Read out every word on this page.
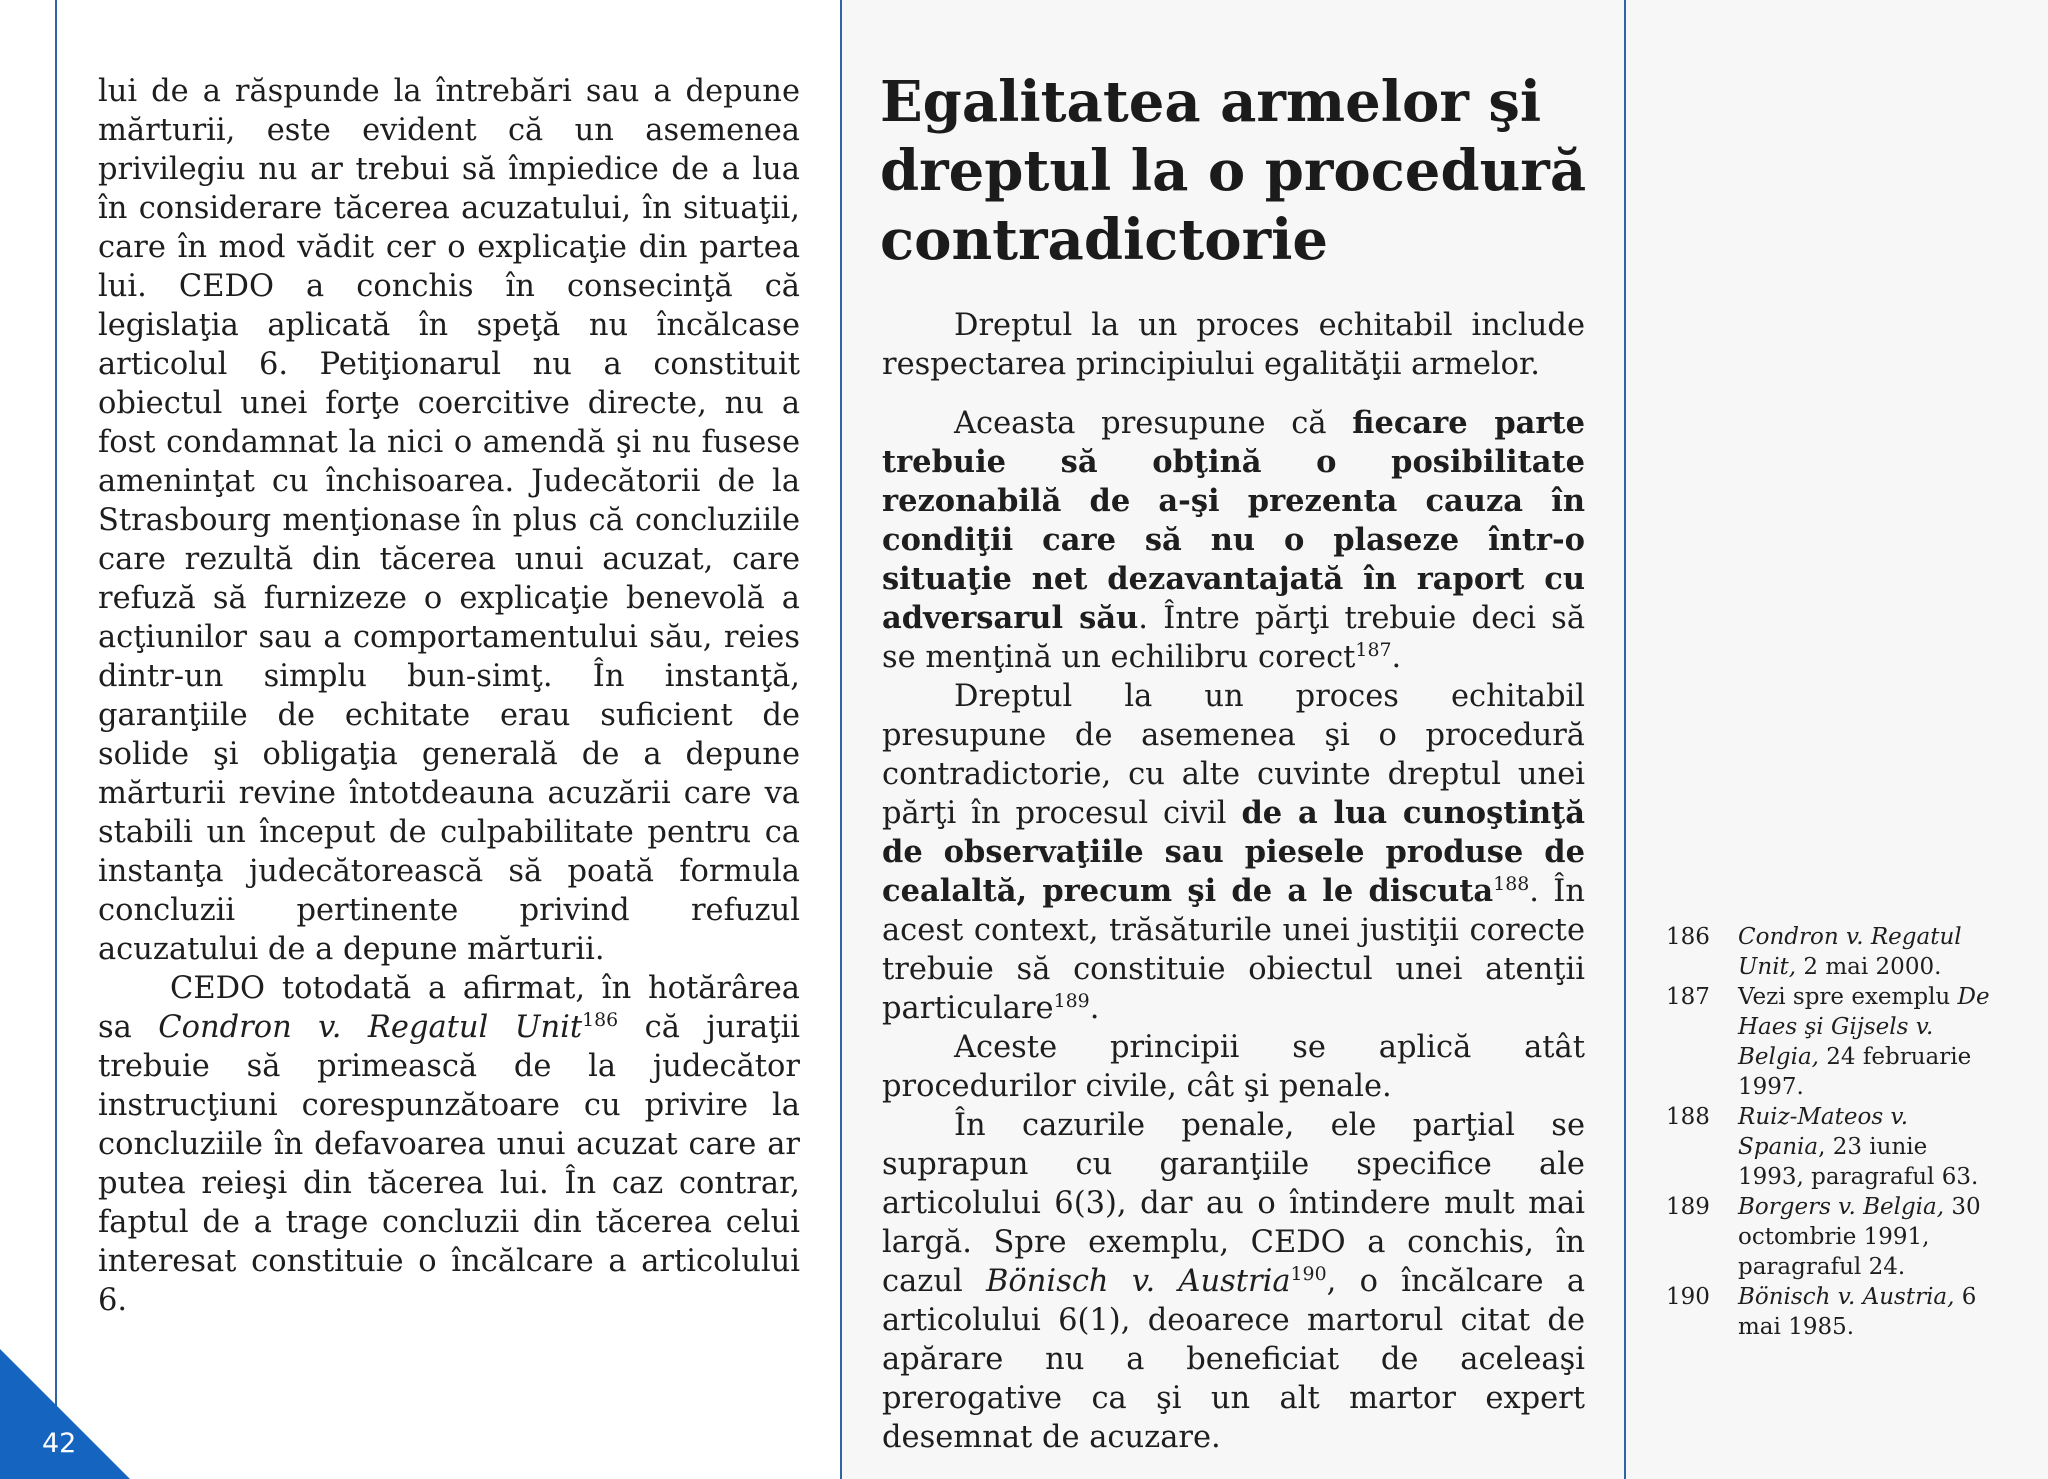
42

lui de a răspunde la întrebări sau a depune mărturii, este evident că un asemenea privilegiu nu ar trebui să împiedice de a lua în considerare tăcerea acuzatului, în situaţii, care în mod vădit cer o explicaţie din partea lui. CEDO a conchis în consecinţă că legislaţia aplicată în speţă nu încălcase articolul 6. Petiţionarul nu a constituit obiectul unei forţe coercitive directe, nu a fost condamnat la nici o amendă şi nu fusese ameninţat cu închisoarea. Judecătorii de la Strasbourg menţionase în plus că concluziile care rezultă din tăcerea unui acuzat, care refuză să furnizeze o explicaţie benevolă a acţiunilor sau a comportamentului său, reies dintr-un simplu bun-simţ. În instanţă, garanţiile de echitate erau suficient de solide şi obligaţia generală de a depune mărturii revine întotdeauna acuzării care va stabili un început de culpabilitate pentru ca instanţa judecătorească să poată formula concluzii pertinente privind refuzul acuzatului de a depune mărturii.

CEDO totodată a afirmat, în hotărârea sa Condron v. Regatul Unit$^{186}$ că juraţii trebuie să primească de la judecător instrucţiuni corespunzătoare cu privire la concluziile în defavoarea unui acuzat care ar putea reieşi din tăcerea lui. În caz contrar, faptul de a trage concluzii din tăcerea celui interesat constituie o încălcare a articolului 6.

Egalitatea armelor şi dreptul la o procedură contradictorie

Dreptul la un proces echitabil include respectarea principiului egalităţii armelor.

Aceasta presupune că fiecare parte trebuie să obţină o posibilitate rezonabilă de a-şi prezenta cauza în condiţii care să nu o plaseze într-o situaţie net dezavantajată în raport cu adversarul său. Între părţi trebuie deci să se menţină un echilibru corect$^{187}$.

Dreptul la un proces echitabil presupune de asemenea şi o procedură contradictorie, cu alte cuvinte dreptul unei părţi în procesul civil de a lua cunoştinţă de observaţiile sau piesele produse de cealaltă, precum şi de a le discuta$^{188}$. În acest context, trăsăturile unei justiţii corecte trebuie să constituie obiectul unei atenţii particulare$^{189}$.

Aceste principii se aplică atât procedurilor civile, cât şi penale.

În cazurile penale, ele parţial se suprapun cu garanţiile specifice ale articolului 6(3), dar au o întindere mult mai largă. Spre exemplu, CEDO a conchis, în cazul Bönisch v. Austria$^{190}$, o încălcare a articolului 6(1), deoarece martorul citat de apărare nu a beneficiat de aceleaşi prerogative ca şi un alt martor expert desemnat de acuzare.

186	Condron v. Regatul Unit, 2 mai 2000.
187	Vezi spre exemplu De Haes şi Gijsels v. Belgia, 24 februarie 1997.
188	Ruiz-Mateos v. Spania, 23 iunie 1993, paragraful 63.
189	Borgers v. Belgia, 30 octombrie 1991, paragraful 24.
190	Bönisch v. Austria, 6 mai 1985.
